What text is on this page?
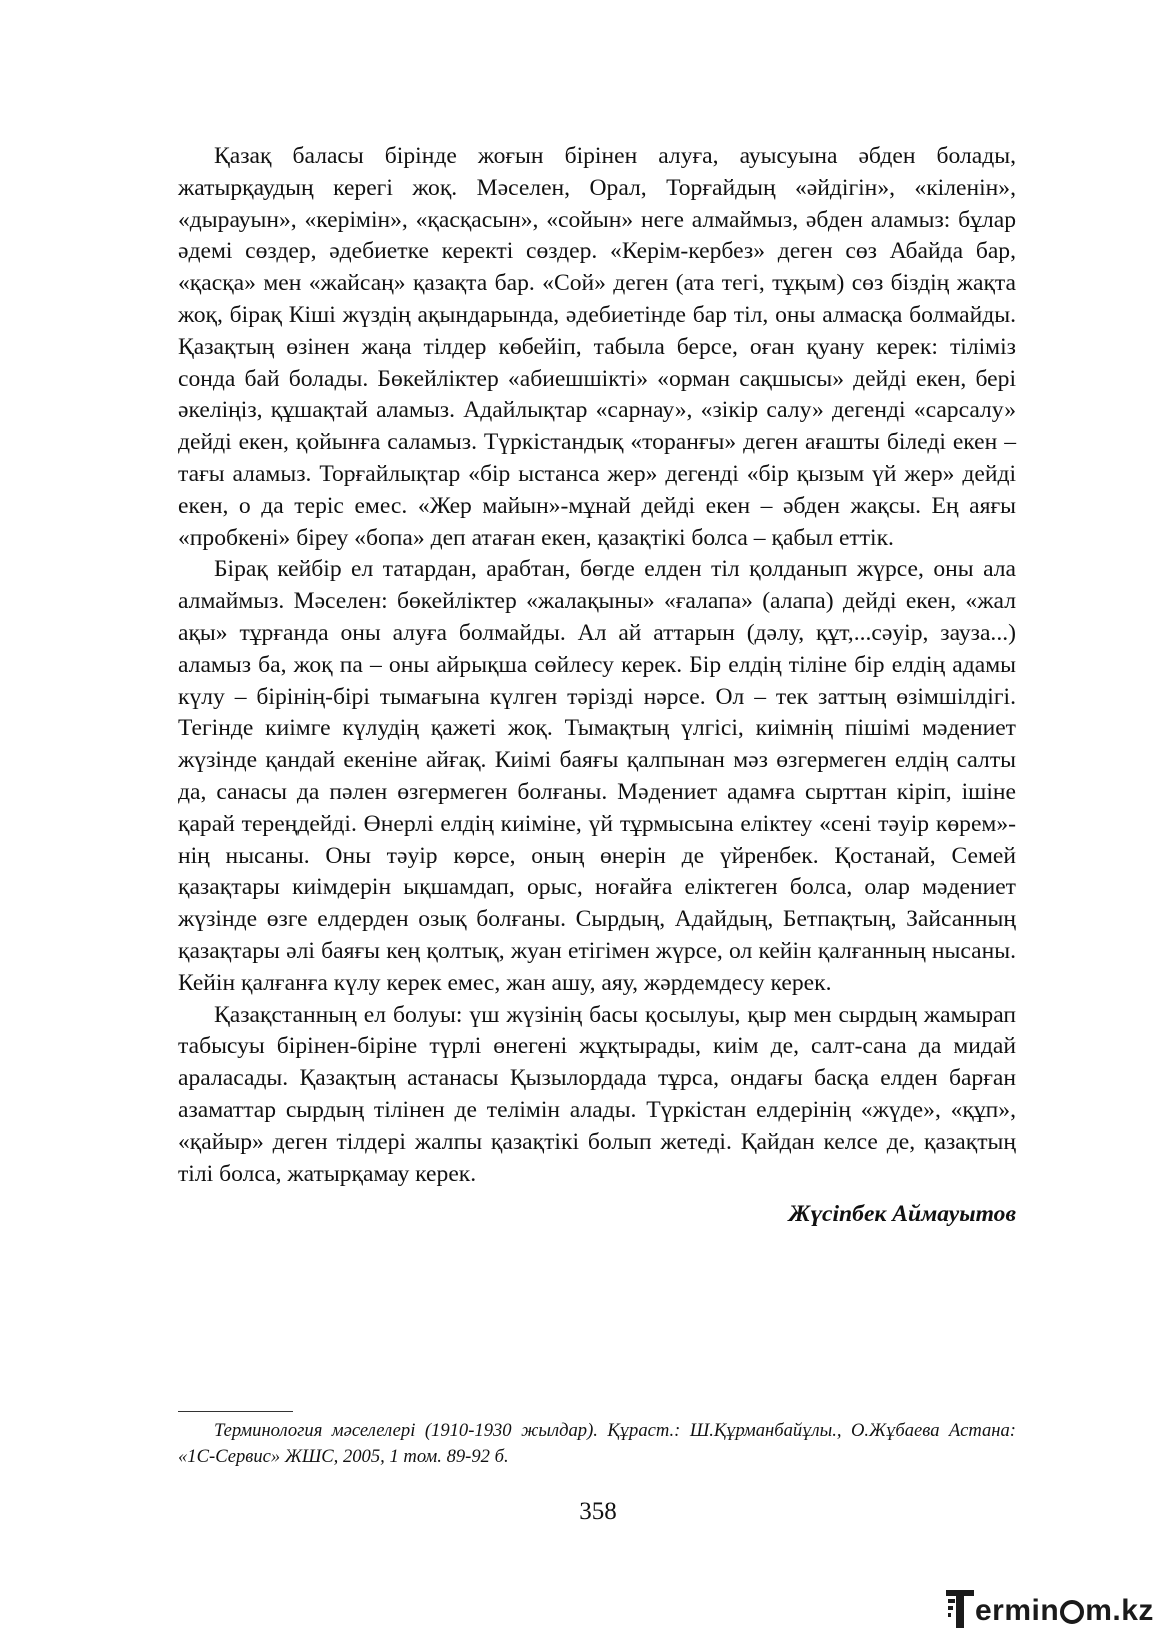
Қазақ баласы бірінде жоғын бірінен алуға, ауысуына әбден болады, жатырқаудың керегі жоқ. Мәселен, Орал, Торғайдың «әйдігін», «кіленін», «дырауын», «керімін», «қасқасын», «сойын» неге алмаймыз, әбден аламыз: бұлар әдемі сөздер, әдебиетке керекті сөздер. «Керім-кербез» деген сөз Абайда бар, «қасқа» мен «жайсаң» қазақта бар. «Сой» деген (ата тегі, тұқым) сөз біздің жақта жоқ, бірақ Кіші жүздің ақындарында, әдебиетінде бар тіл, оны алмасқа болмайды. Қазақтың өзінен жаңа тілдер көбейіп, табыла берсе, оған қуану керек: тіліміз сонда бай болады. Бөкейліктер «абиешшікті» «орман сақшысы» дейді екен, бері әкеліңіз, құшақтай аламыз. Адайлықтар «сарнау», «зікір салу» дегенді «сарсалу» дейді екен, қойынға саламыз. Түркістандық «торанғы» деген ағашты біледі екен – тағы аламыз. Торғайлықтар «бір ыстанса жер» дегенді «бір қызым үй жер» дейді екен, о да теріс емес. «Жер майын»-мұнай дейді екен – әбден жақсы. Ең аяғы «пробкені» біреу «бопа» деп атаған екен, қазақтікі болса – қабыл еттік.

Бірақ кейбір ел татардан, арабтан, бөгде елден тіл қолданып жүрсе, оны ала алмаймыз. Мәселен: бөкейліктер «жалақыны» «ғалапа» (алапа) дейді екен, «жал ақы» тұрғанда оны алуға болмайды. Ал ай аттарын (дәлу, құт,...сәуір, зауза...) аламыз ба, жоқ па – оны айрықша сөйлесу керек. Бір елдің тіліне бір елдің адамы күлу – бірінің-бірі тымағына күлген тәрізді нәрсе. Ол – тек заттың өзімшілдігі. Тегінде киімге күлудің қажеті жоқ. Тымақтың үлгісі, киімнің пішімі мәдениет жүзінде қандай екеніне айғақ. Киімі баяғы қалпынан мәз өзгермеген елдің салты да, санасы да пәлен өзгермеген болғаны. Мәдениет адамға сырттан кіріп, ішіне қарай тереңдейді. Өнерлі елдің киіміне, үй тұрмысына еліктеу «сені тәуір көрем»-нің нысаны. Оны тәуір көрсе, оның өнерін де үйренбек. Қостанай, Семей қазақтары киімдерін ықшамдап, орыс, ноғайға еліктеген болса, олар мәдениет жүзінде өзге елдерден озық болғаны. Сырдың, Адайдың, Бетпақтың, Зайсанның қазақтары әлі баяғы кең қолтық, жуан етігімен жүрсе, ол кейін қалғанның нысаны. Кейін қалғанға күлу керек емес, жан ашу, аяу, жәрдемдесу керек.

Қазақстанның ел болуы: үш жүзінің басы қосылуы, қыр мен сырдың жамырап табысуы бірінен-біріне түрлі өнегені жұқтырады, киім де, салт-сана да мидай араласады. Қазақтың астанасы Қызылордада тұрса, ондағы басқа елден барған азаматтар сырдың тілінен де телімін алады. Түркістан елдерінің «жүде», «құп», «қайыр» деген тілдері жалпы қазақтікі болып жетеді. Қайдан келсе де, қазақтың тілі болса, жатырқамау керек.

Жүсіпбек Аймауытов

Терминология мәселелері (1910-1930 жылдар). Құраст.: Ш.Құрманбайұлы., О.Жұбаева Астана: «1С-Сервис» ЖШС, 2005, 1 том. 89-92 б.

358
ermin m.kz
